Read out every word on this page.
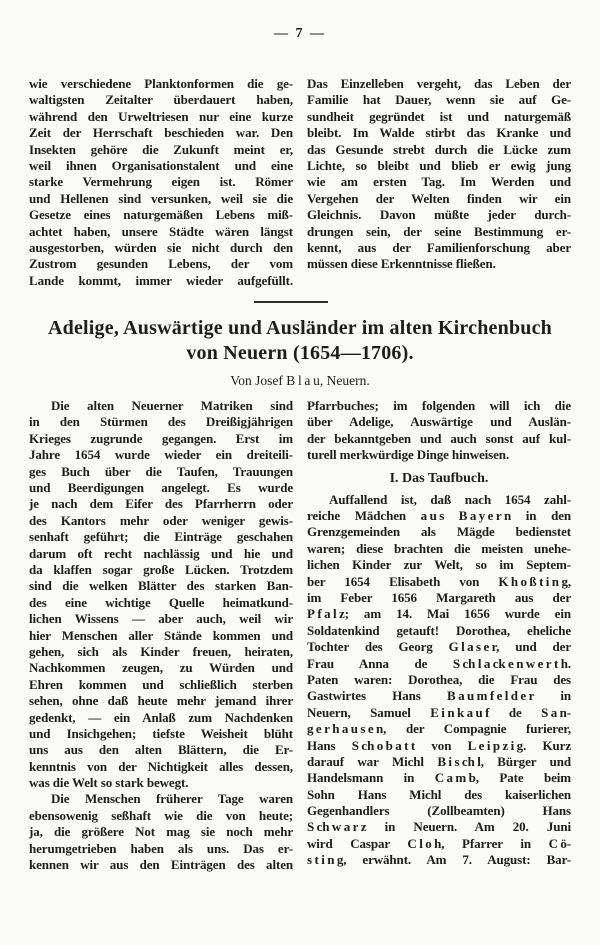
— 7 —
wie verschiedene Planktonformen die ge-
waltigsten Zeitalter überdauert haben,
während den Urweltriesen nur eine kurze
Zeit der Herrschaft beschieden war. Den
Insekten gehöre die Zukunft meint er,
weil ihnen Organisationstalent und eine
starke Vermehrung eigen ist. Römer
und Hellenen sind versunken, weil sie die
Gesetze eines naturgemäßen Lebens miß-
achtet haben, unsere Städte wären längst
ausgestorben, würden sie nicht durch den
Zustrom gesunden Lebens, der vom
Lande kommt, immer wieder aufgefüllt.
Das Einzelleben vergeht, das Leben der
Familie hat Dauer, wenn sie auf Ge-
sundheit gegründet ist und naturgemäß
bleibt. Im Walde stirbt das Kranke und
das Gesunde strebt durch die Lücke zum
Lichte, so bleibt und blieb er ewig jung
wie am ersten Tag. Im Werden und
Vergehen der Welten finden wir ein
Gleichnis. Davon müßte jeder durch-
drungen sein, der seine Bestimmung er-
kennt, aus der Familienforschung aber
müssen diese Erkenntnisse fließen.
Adelige, Auswärtige und Ausländer im alten Kirchenbuch
von Neuern (1654—1706).
Von Josef B l a u, Neuern.
Die alten Neuerner Matriken sind
in den Stürmen des Dreißigjährigen
Krieges zugrunde gegangen. Erst im
Jahre 1654 wurde wieder ein dreiteili-
ges Buch über die Taufen, Trauungen
und Beerdigungen angelegt. Es wurde
je nach dem Eifer des Pfarrherrn oder
des Kantors mehr oder weniger gewis-
senhaft geführt; die Einträge geschahen
darum oft recht nachlässig und hie und
da klaffen sogar große Lücken. Trotzdem
sind die welken Blätter des starken Ban-
des eine wichtige Quelle heimatkund-
lichen Wissens — aber auch, weil wir
hier Menschen aller Stände kommen und
gehen, sich als Kinder freuen, heiraten,
Nachkommen zeugen, zu Würden und
Ehren kommen und schließlich sterben
sehen, ohne daß heute mehr jemand ihrer
gedenkt, — ein Anlaß zum Nachdenken
und Insichgehen; tiefste Weisheit blüht
uns aus den alten Blättern, die Er-
kenntnis von der Nichtigkeit alles dessen,
was die Welt so stark bewegt.
Die Menschen früherer Tage waren
ebensowenig seßhaft wie die von heute;
ja, die größere Not mag sie noch mehr
herumgetrieben haben als uns. Das er-
kennen wir aus den Einträgen des alten
Pfarrbuches; im folgenden will ich die
über Adelige, Auswärtige und Auslän-
der bekanntgeben und auch sonst auf kul-
turell merkwürdige Dinge hinweisen.
I. Das Taufbuch.
Auffallend ist, daß nach 1654 zahl-
reiche Mädchen a u s B a y e r n in den
Grenzgemeinden als Mägde bedienstet
waren; diese brachten die meisten unehe-
lichen Kinder zur Welt, so im Septem-
ber 1654 Elisabeth von K h o ß t i n g,
im Feber 1656 Margareth aus der
P f a l z; am 14. Mai 1656 wurde ein
Soldatenkind getauft! Dorothea, eheliche
Tochter des Georg G l a s e r, und der
Frau Anna de S ch l a ck e n w e r t h.
Paten waren: Dorothea, die Frau des
Gastwirtes Hans B a u m f e l d e r in
Neuern, Samuel E i n k a u f de S a n-
g e r h a u s e n, der Compagnie furierer,
Hans S ch o b a t t von L e i p z i g. Kurz
darauf war Michl B i s ch l, Bürger und
Handelsmann in C a m b, Pate beim
Sohn Hans Michl des kaiserlichen
Gegenhandlers (Zollbeamten) Hans
S ch w a r z in Neuern. Am 20. Juni
wird Caspar C l o h, Pfarrer in C ö-
s t i n g, erwähnt. Am 7. August: Bar-
